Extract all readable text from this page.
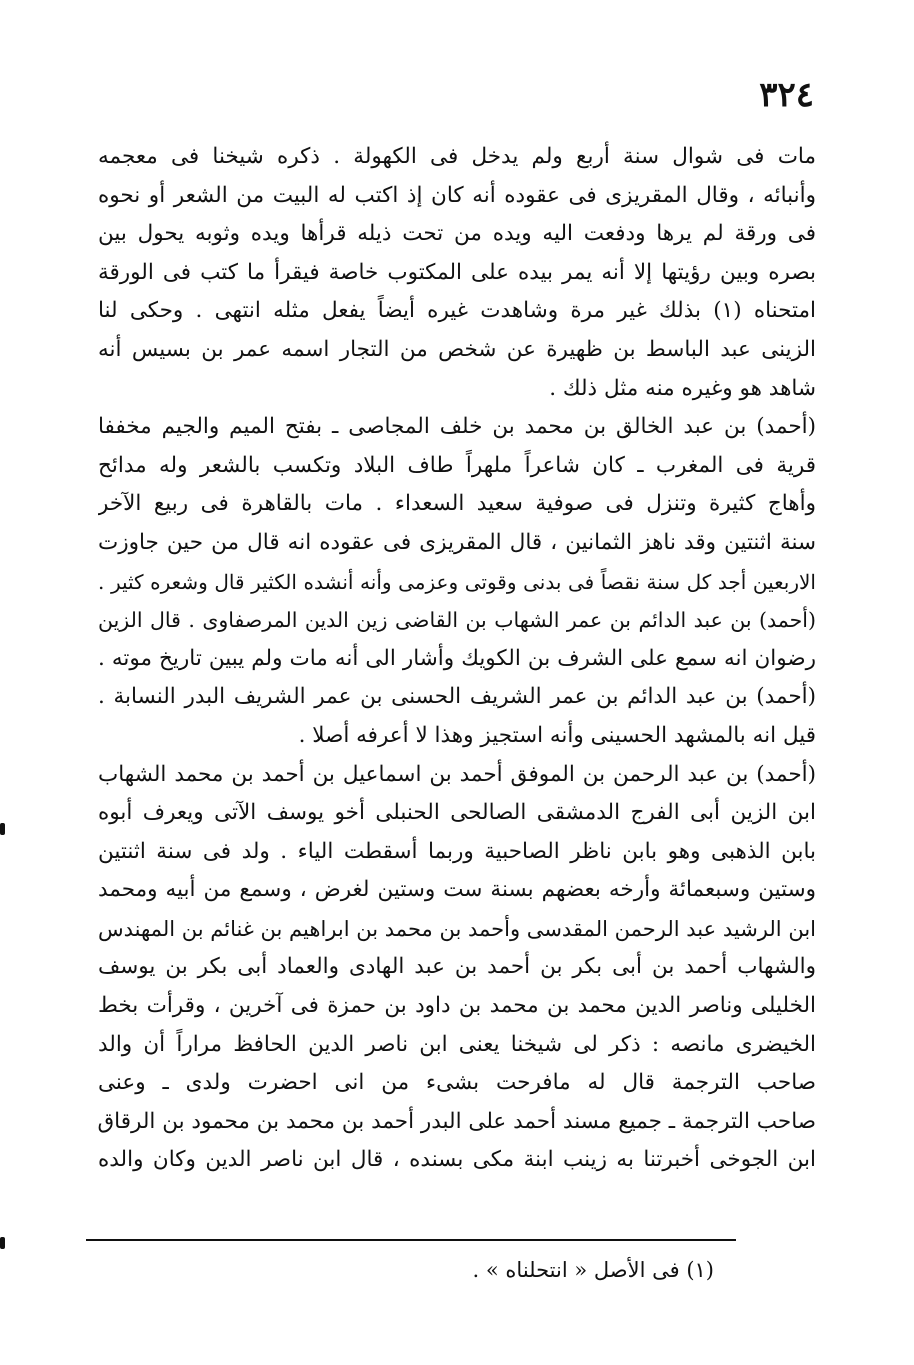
٣٢٤
مات فى شوال سنة أربع ولم يدخل فى الكهولة . ذكره شيخنا فى معجمه
وأنبائه ، وقال المقريزى فى عقوده أنه كان إذ اكتب له البيت من الشعر أو نحوه
فى ورقة لم يرها ودفعت اليه ويده من تحت ذيله قرأها ويده وثوبه يحول بين
بصره وبين رؤيتها إلا أنه يمر بيده على المكتوب خاصة فيقرأ ما كتب فى الورقة
امتحناه (١) بذلك غير مرة وشاهدت غيره أيضاً يفعل مثله انتهى . وحكى لنا
الزينى عبد الباسط بن ظهيرة عن شخص من التجار اسمه عمر بن بسيس أنه
شاهد هو وغيره منه مثل ذلك .
(أحمد) بن عبد الخالق بن محمد بن خلف المجاصى ـ بفتح الميم والجيم مخففا
قرية فى المغرب ـ كان شاعراً ملهراً طاف البلاد وتكسب بالشعر وله مدائح
وأهاج كثيرة وتنزل فى صوفية سعيد السعداء . مات بالقاهرة فى ربيع الآخر
سنة اثنتين وقد ناهز الثمانين ، قال المقريزى فى عقوده انه قال من حين جاوزت
الاربعين أجد كل سنة نقصاً فى بدنى وقوتى وعزمى وأنه أنشده الكثير قال وشعره كثير .
(أحمد) بن عبد الدائم بن عمر الشهاب بن القاضى زين الدين المرصفاوى . قال الزين
رضوان انه سمع على الشرف بن الكويك وأشار الى أنه مات ولم يبين تاريخ موته .
(أحمد) بن عبد الدائم بن عمر الشريف الحسنى بن عمر الشريف البدر النسابة .
قيل انه بالمشهد الحسينى وأنه استجيز وهذا لا أعرفه أصلا .
(أحمد) بن عبد الرحمن بن الموفق أحمد بن اسماعيل بن أحمد بن محمد الشهاب
ابن الزين أبى الفرج الدمشقى الصالحى الحنبلى أخو يوسف الآتى ويعرف أبوه
بابن الذهبى وهو بابن ناظر الصاحبية وربما أسقطت الياء . ولد فى سنة اثنتين
وستين وسبعمائة وأرخه بعضهم بسنة ست وستين لغرض ، وسمع من أبيه ومحمد
ابن الرشيد عبد الرحمن المقدسى وأحمد بن محمد بن ابراهيم بن غنائم بن المهندس
والشهاب أحمد بن أبى بكر بن أحمد بن عبد الهادى والعماد أبى بكر بن يوسف
الخليلى وناصر الدين محمد بن محمد بن داود بن حمزة فى آخرين ، وقرأت بخط
الخيضرى مانصه : ذكر لى شيخنا يعنى ابن ناصر الدين الحافظ مراراً أن والد
صاحب الترجمة قال له مافرحت بشىء من انى احضرت ولدى ـ وعنى
صاحب الترجمة ـ جميع مسند أحمد على البدر أحمد بن محمد بن محمود بن الرقاق
ابن الجوخى أخبرتنا به زينب ابنة مكى بسنده ، قال ابن ناصر الدين وكان والده
(١) فى الأصل « انتحلناه » .
